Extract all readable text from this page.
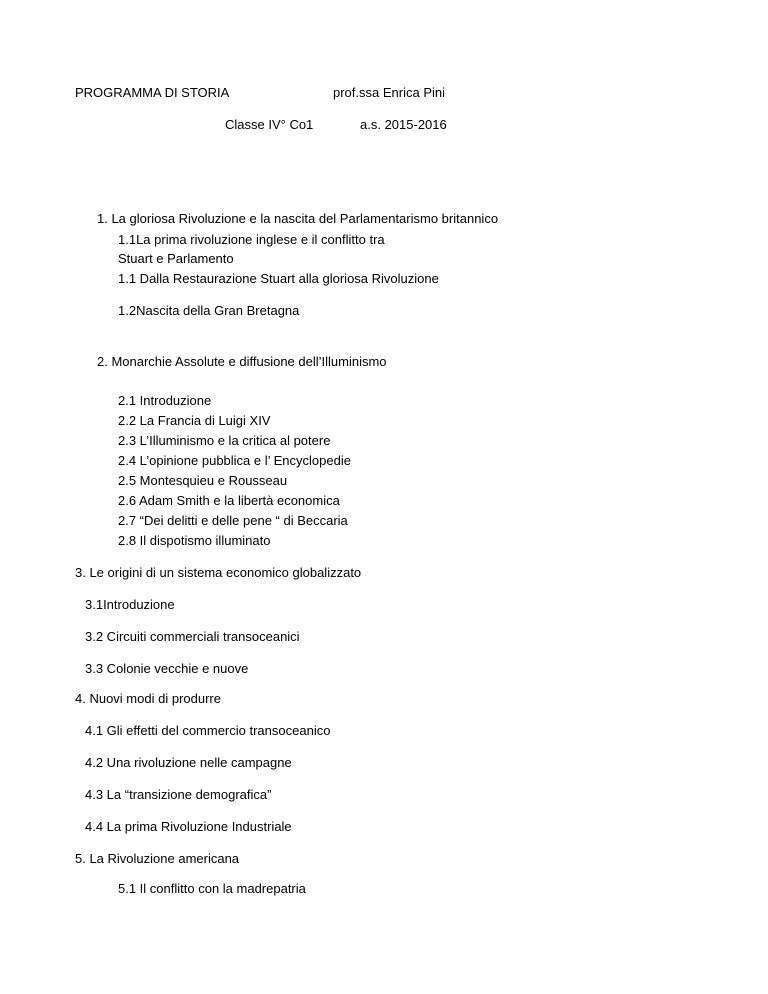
PROGRAMMA DI STORIA	prof.ssa Enrica Pini
Classe IV° Co1	a.s. 2015-2016
1. La gloriosa Rivoluzione e la nascita del Parlamentarismo britannico
1.1La prima rivoluzione inglese e il conflitto tra
Stuart e Parlamento
1.1 Dalla Restaurazione Stuart alla gloriosa Rivoluzione
1.2Nascita della Gran Bretagna
2. Monarchie Assolute e diffusione dell’Illuminismo
2.1 Introduzione
2.2 La Francia di Luigi XIV
2.3 L’Illuminismo e la critica al potere
2.4 L’opinione pubblica e l’ Encyclopedie
2.5 Montesquieu e Rousseau
2.6 Adam Smith e la libertà economica
2.7 “Dei delitti e delle pene “ di Beccaria
2.8 Il dispotismo illuminato
3. Le origini di un sistema economico globalizzato
3.1Introduzione
3.2 Circuiti commerciali transoceanici
3.3 Colonie vecchie e nuove
4. Nuovi modi di produrre
4.1 Gli effetti del commercio transoceanico
4.2 Una rivoluzione nelle campagne
4.3 La “transizione demografica”
4.4 La prima Rivoluzione Industriale
5. La Rivoluzione americana
5.1 Il conflitto con la madrepatria
